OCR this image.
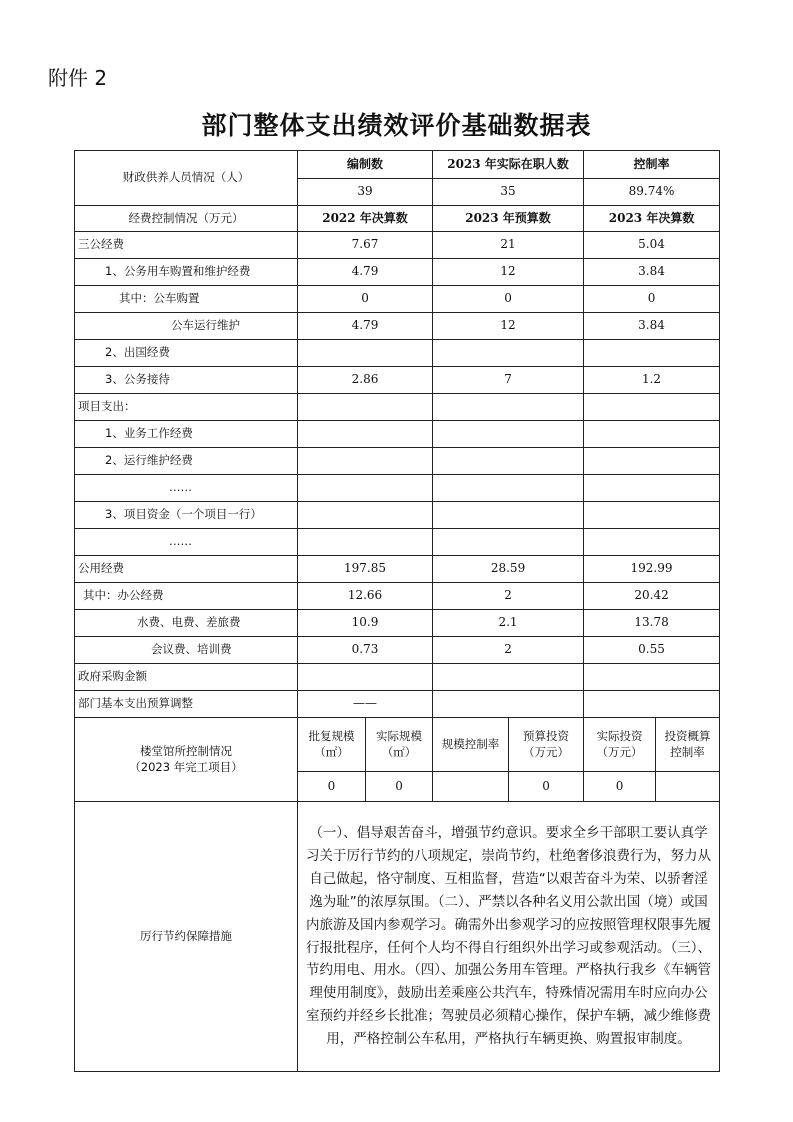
附件 2
部门整体支出绩效评价基础数据表
财政供养人员情况（人）	编制数		2023 年实际在职人数		控制率	
	39		35		89.74%	
经费控制情况（万元）	2022 年决算数		2023 年预算数		2023 年决算数	
三公经费	7.67		21		5.04	
1、公务用车购置和维护经费	4.79		12		3.84	
其中：公车购置	0		0		0	
公车运行维护	4.79		12		3.84	
2、出国经费						
3、公务接待	2.86		7		1.2	
项目支出：						
1、业务工作经费						
2、运行维护经费						
……						
3、项目资金（一个项目一行）						
……						
公用经费	197.85		28.59		192.99	
其中：办公经费	12.66		2		20.42	
水费、电费、差旅费	10.9		2.1		13.78	
会议费、培训费	0.73		2		0.55	
政府采购金额						
部门基本支出预算调整	——					

楼堂馆所控制情况
（2023 年完工项目）	批复规模（㎡）	实际规模（㎡）	规模控制率	预算投资（万元）	实际投资（万元）	投资概算控制率
	0	0		0	0	
厉行节约保障措施	（一）、倡导艰苦奋斗，增强节约意识。要求全乡干部职工要认真学习关于厉行节约的八项规定，崇尚节约，杜绝奢侈浪费行为，努力从自己做起，恪守制度、互相监督，营造“以艰苦奋斗为荣、以骄奢淫逸为耻”的浓厚氛围。（二）、严禁以各种名义用公款出国（境）或国内旅游及国内参观学习。确需外出参观学习的应按照管理权限事先履行报批程序，任何个人均不得自行组织外出学习或参观活动。（三）、节约用电、用水。（四）、加强公务用车管理。严格执行我乡《车辆管理使用制度》，鼓励出差乘座公共汽车，特殊情况需用车时应向办公室预约并经乡长批准；驾驶员必须精心操作，保护车辆，减少维修费用，严格控制公车私用，严格执行车辆更换、购置报审制度。					
